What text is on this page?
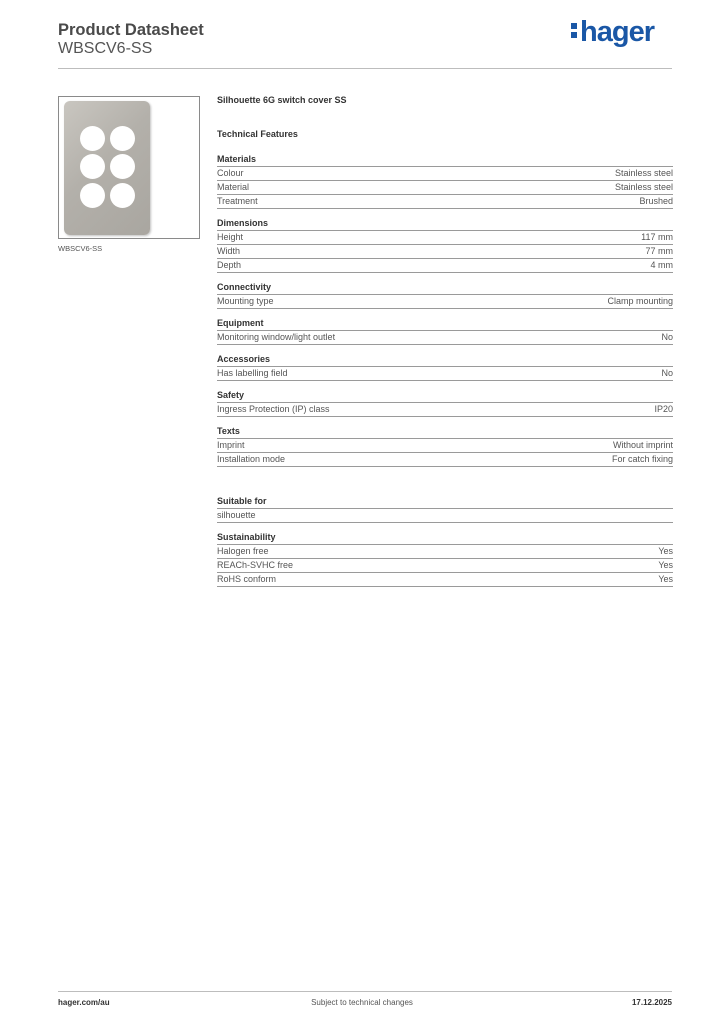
Product Datasheet
WBSCV6-SS
hager
WBSCV6-SS
Silhouette 6G switch cover SS
Technical Features
Materials
Colour	Stainless steel
Material	Stainless steel
Treatment	Brushed
Dimensions
Height	117 mm
Width	77 mm
Depth	4 mm
Connectivity
Mounting type	Clamp mounting
Equipment
Monitoring window/light outlet	No
Accessories
Has labelling field	No
Safety
Ingress Protection (IP) class	IP20
Texts
Imprint	Without imprint
Installation mode	For catch fixing
Suitable for
silhouette
Sustainability
Halogen free	Yes
REACh-SVHC free	Yes
RoHS conform	Yes
hager.com/au	Subject to technical changes	17.12.2025
